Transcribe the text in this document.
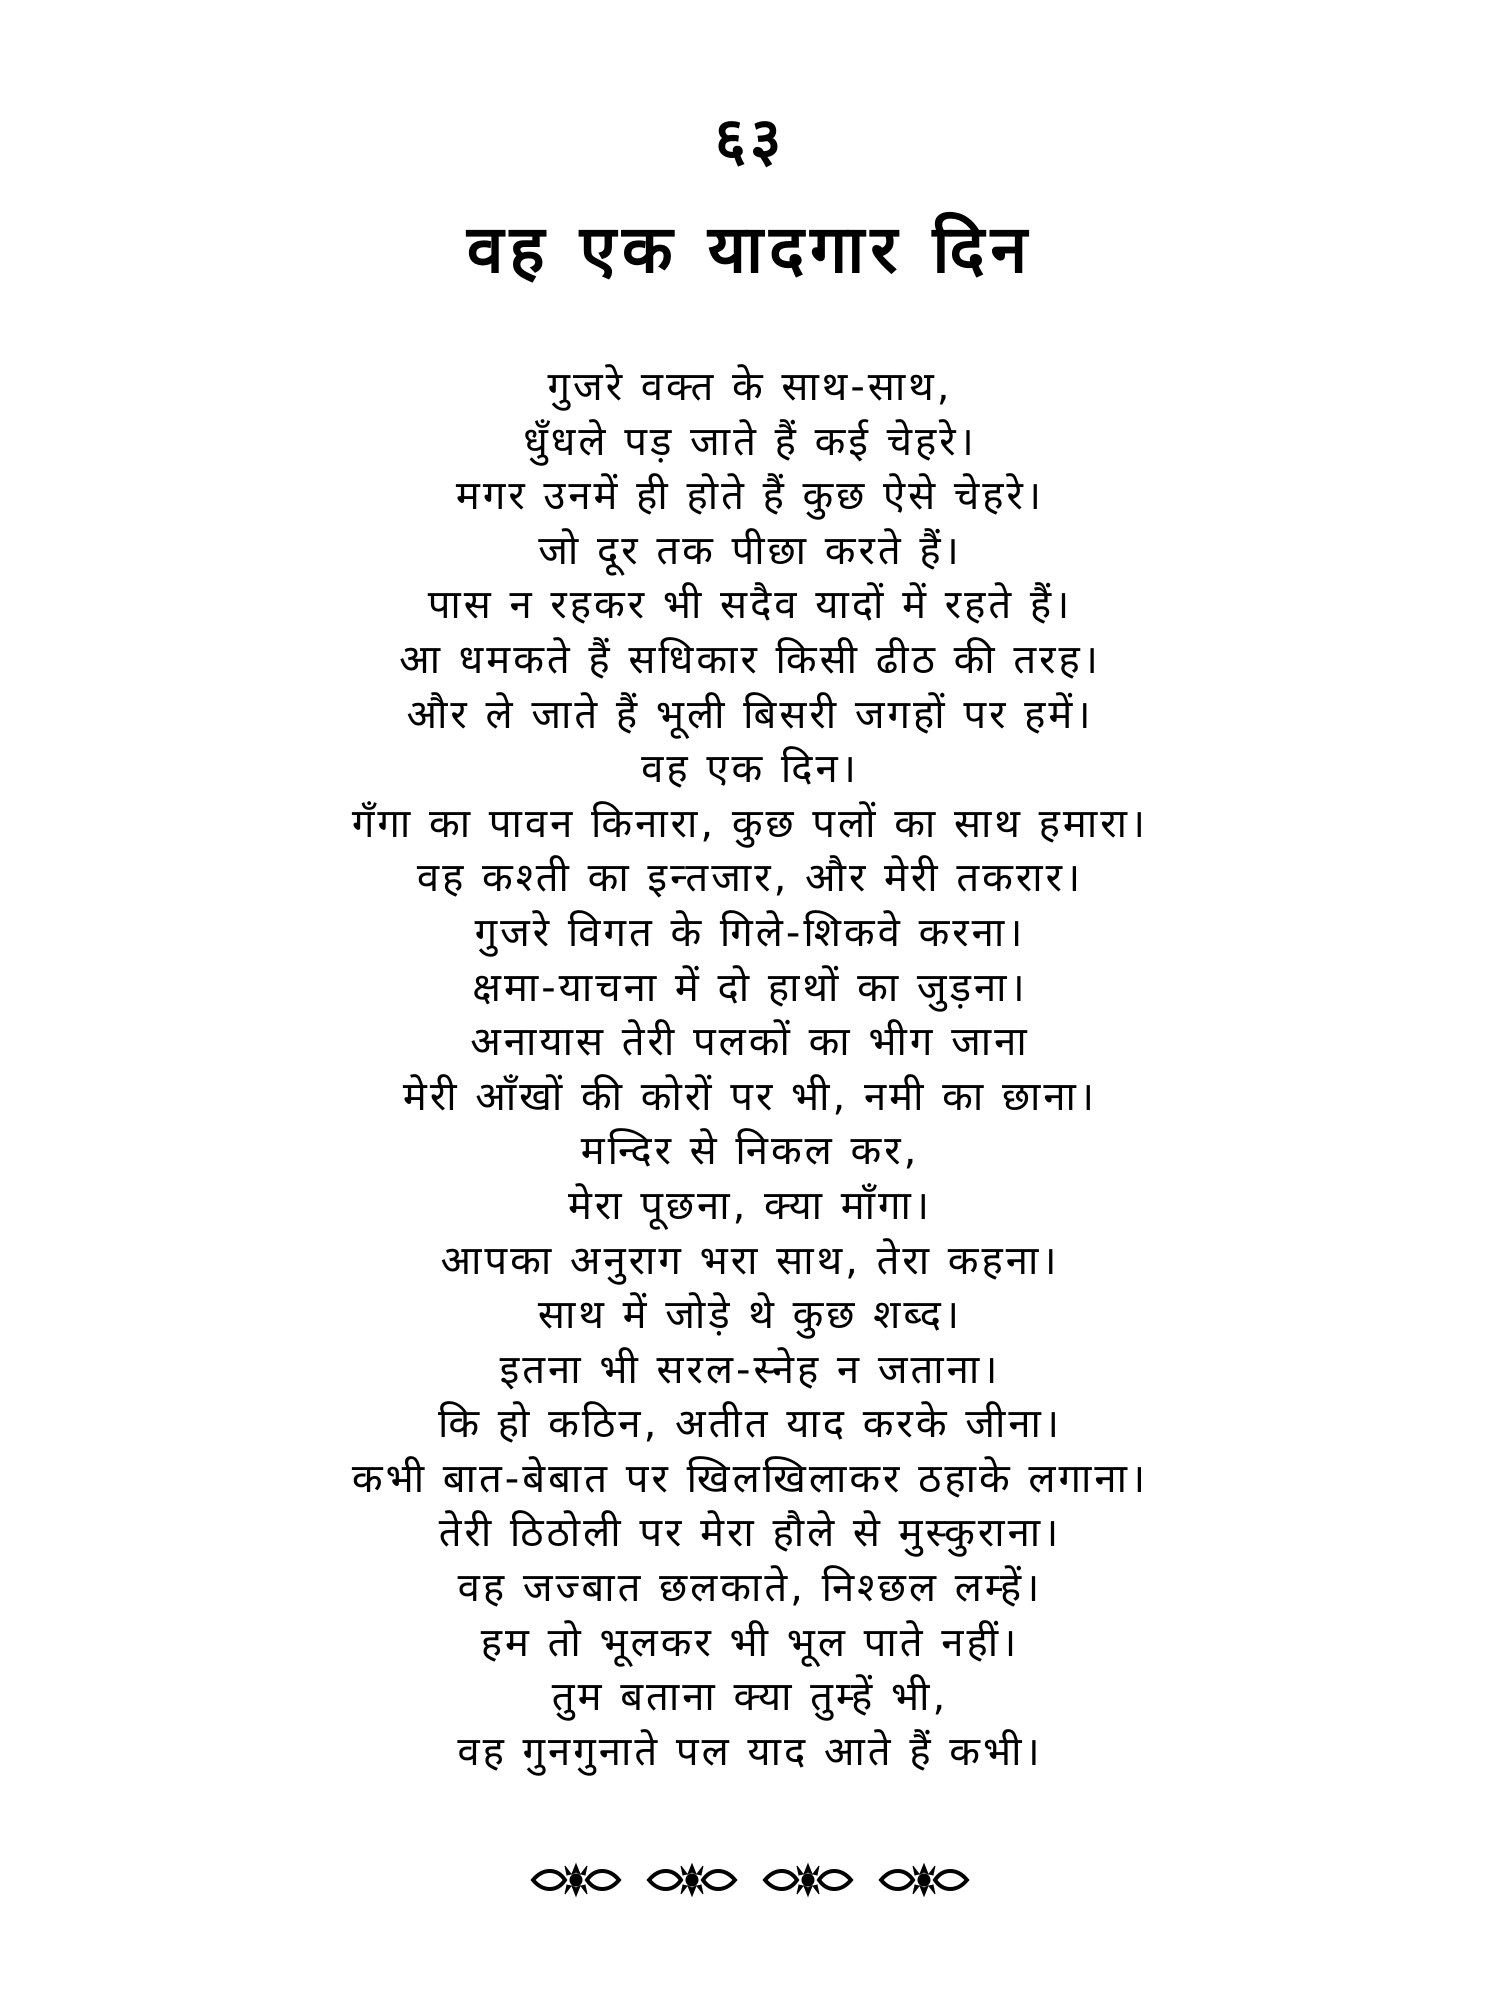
६३
वह एक यादगार दिन
गुजरे वक्त के साथ-साथ,
धुँधले पड़ जाते हैं कई चेहरे।
मगर उनमें ही होते हैं कुछ ऐसे चेहरे।
जो दूर तक पीछा करते हैं।
पास न रहकर भी सदैव यादों में रहते हैं।
आ धमकते हैं सधिकार किसी ढीठ की तरह।
और ले जाते हैं भूली बिसरी जगहों पर हमें।
वह एक दिन।
गँगा का पावन किनारा, कुछ पलों का साथ हमारा।
वह कश्ती का इन्तजार, और मेरी तकरार।
गुजरे विगत के गिले-शिकवे करना।
क्षमा-याचना में दो हाथों का जुड़ना।
अनायास तेरी पलकों का भीग जाना
मेरी आँखों की कोरों पर भी, नमी का छाना।
मन्दिर से निकल कर,
मेरा पूछना, क्या माँगा।
आपका अनुराग भरा साथ, तेरा कहना।
साथ में जोड़े थे कुछ शब्द।
इतना भी सरल-स्नेह न जताना।
कि हो कठिन, अतीत याद करके जीना।
कभी बात-बेबात पर खिलखिलाकर ठहाके लगाना।
तेरी ठिठोली पर मेरा हौले से मुस्कुराना।
वह जज्बात छलकाते, निश्छल लम्हें।
हम तो भूलकर भी भूल पाते नहीं।
तुम बताना क्या तुम्हें भी,
वह गुनगुनाते पल याद आते हैं कभी।
